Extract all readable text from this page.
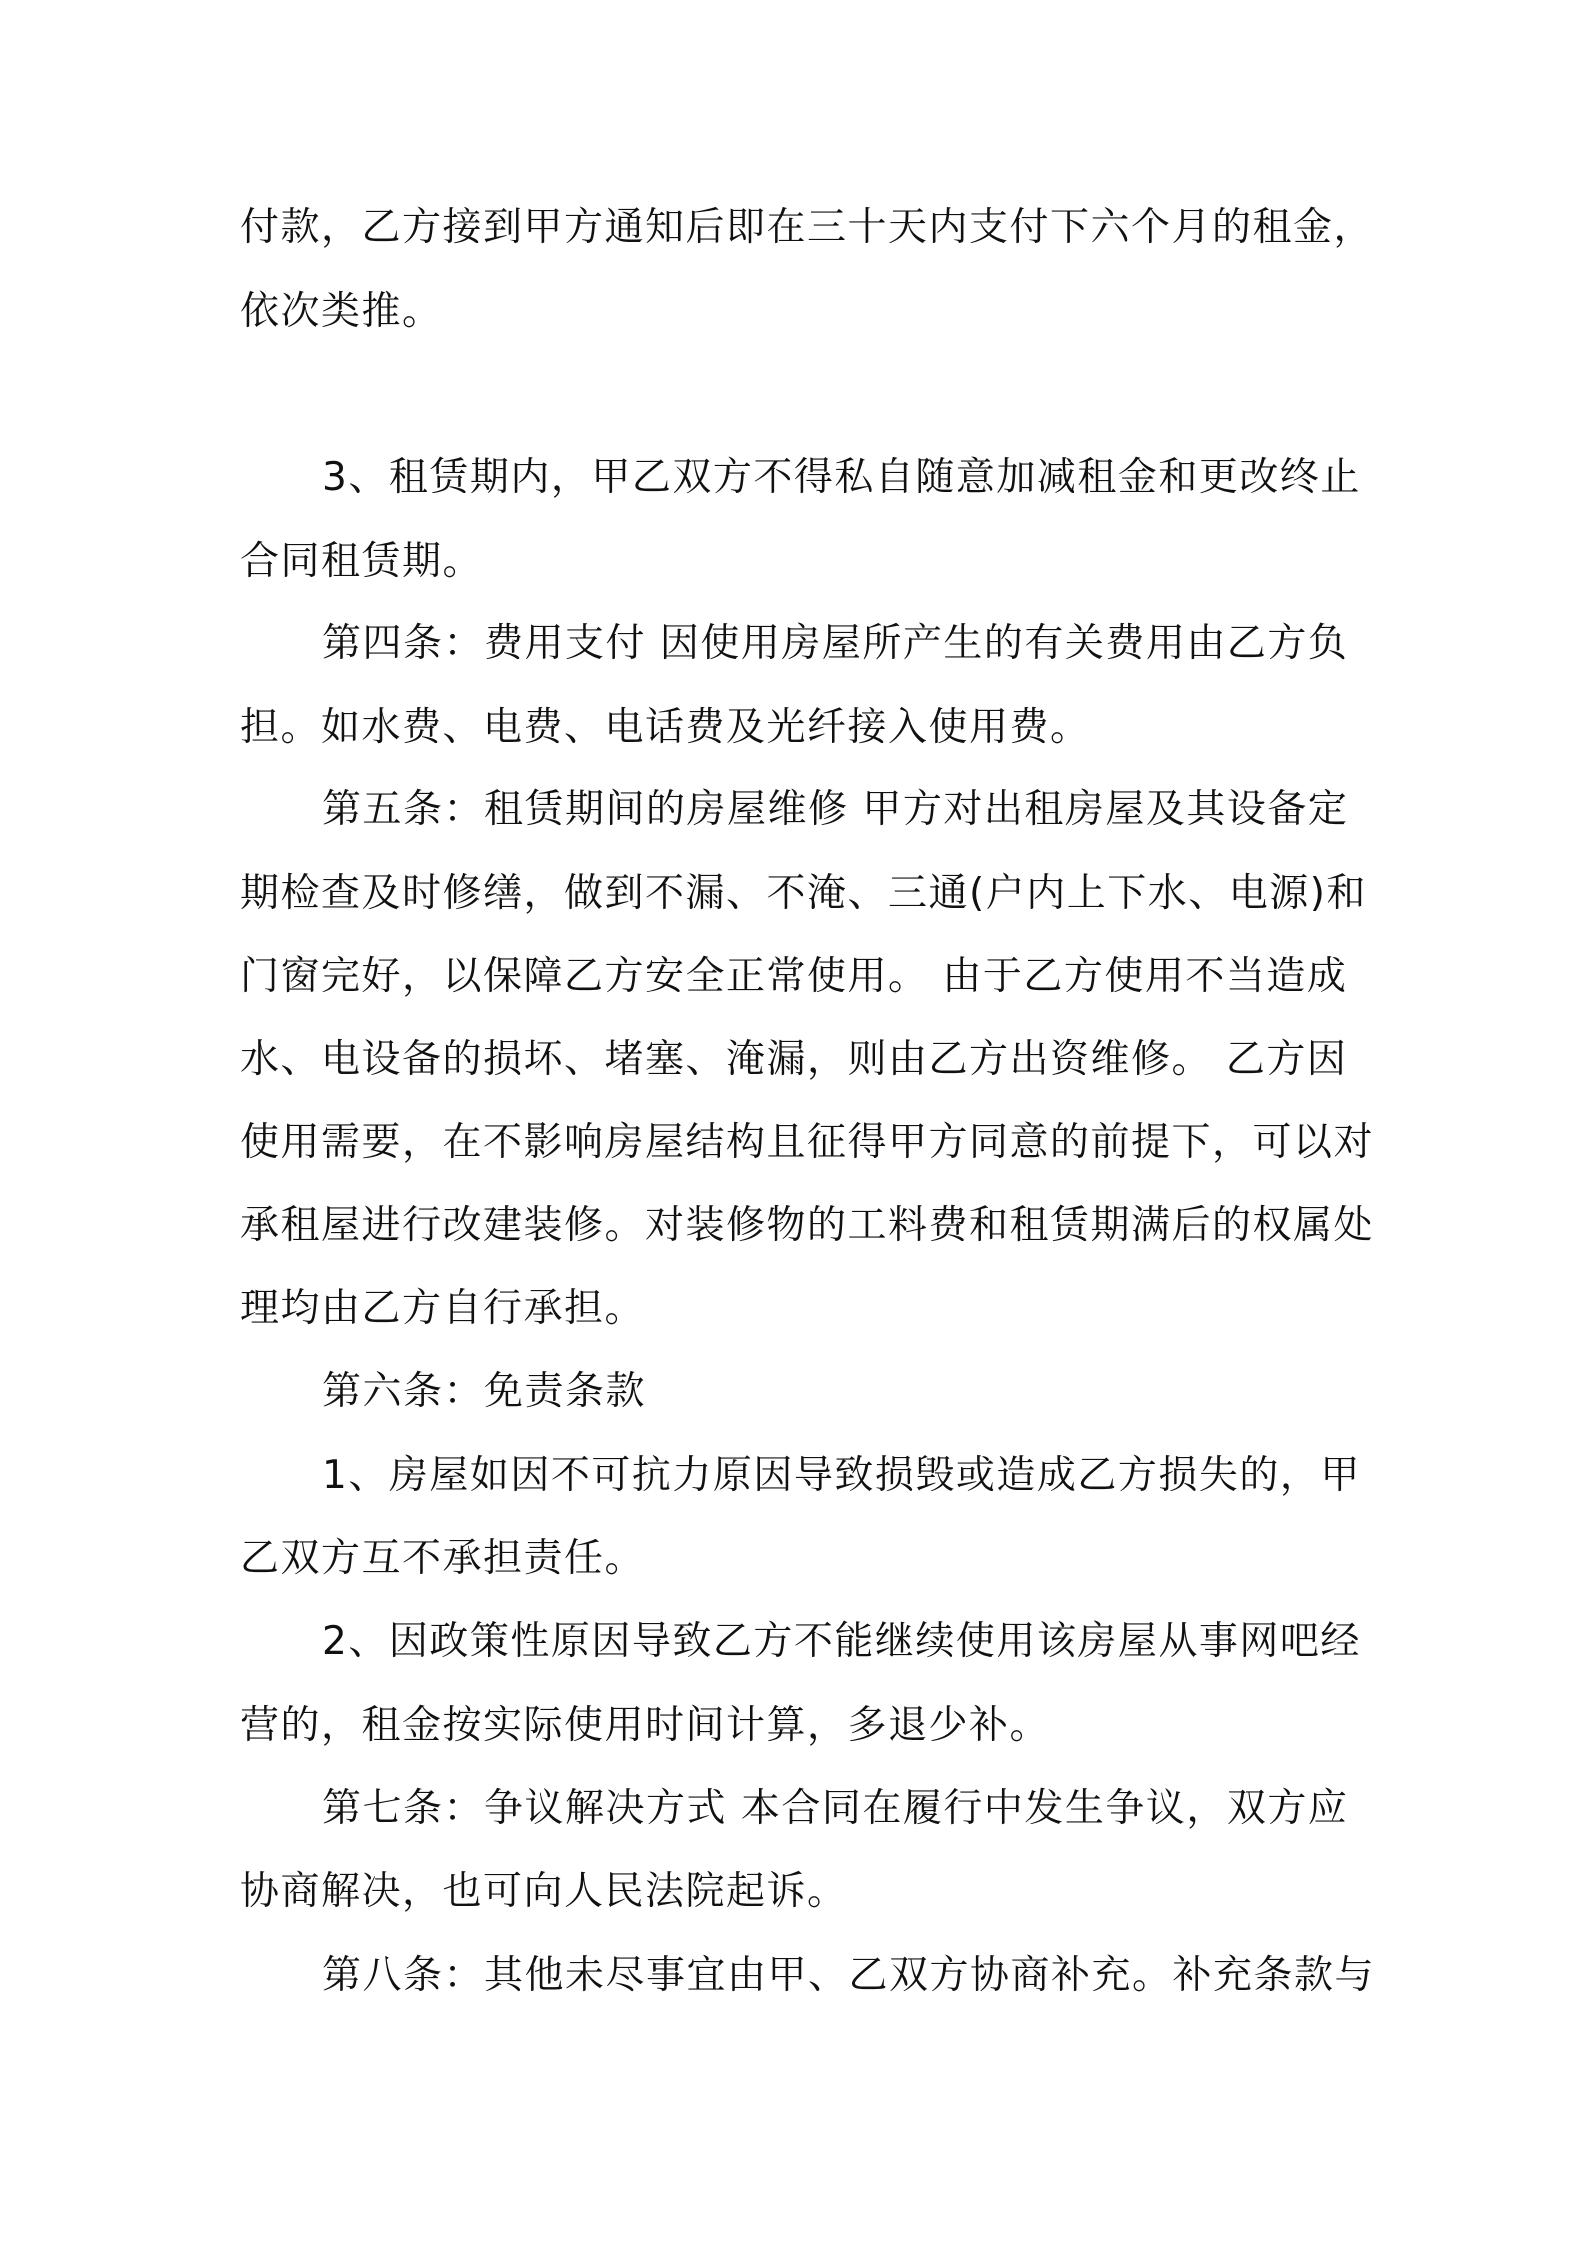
付款，乙方接到甲方通知后即在三十天内支付下六个月的租金，
依次类推。
3、租赁期内，甲乙双方不得私自随意加减租金和更改终止
合同租赁期。
第四条：费用支付 因使用房屋所产生的有关费用由乙方负
担。如水费、电费、电话费及光纤接入使用费。
第五条：租赁期间的房屋维修 甲方对出租房屋及其设备定
期检查及时修缮，做到不漏、不淹、三通(户内上下水、电源)和
门窗完好，以保障乙方安全正常使用。 由于乙方使用不当造成
水、电设备的损坏、堵塞、淹漏，则由乙方出资维修。 乙方因
使用需要，在不影响房屋结构且征得甲方同意的前提下，可以对
承租屋进行改建装修。对装修物的工料费和租赁期满后的权属处
理均由乙方自行承担。
第六条：免责条款
1、房屋如因不可抗力原因导致损毁或造成乙方损失的，甲
乙双方互不承担责任。
2、因政策性原因导致乙方不能继续使用该房屋从事网吧经
营的，租金按实际使用时间计算，多退少补。
第七条：争议解决方式 本合同在履行中发生争议，双方应
协商解决，也可向人民法院起诉。
第八条：其他未尽事宜由甲、乙双方协商补充。补充条款与
